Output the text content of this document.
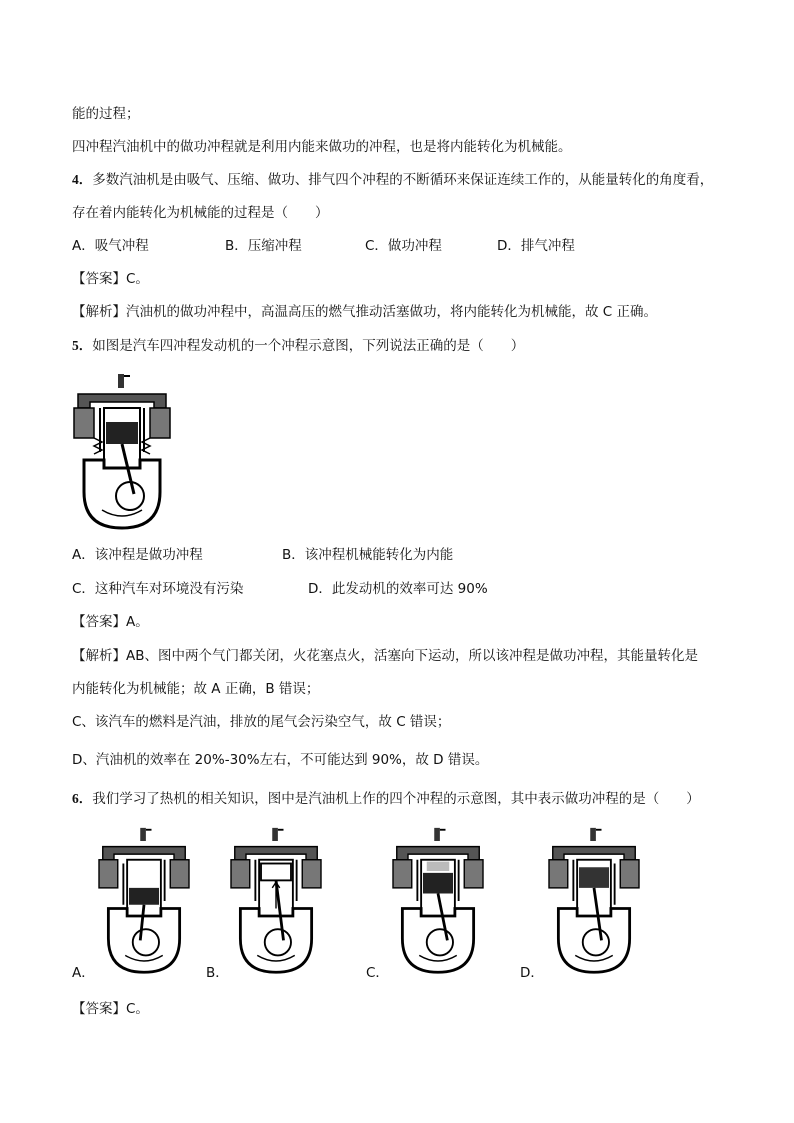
能的过程；
四冲程汽油机中的做功冲程就是利用内能来做功的冲程，也是将内能转化为机械能。
4．多数汽油机是由吸气、压缩、做功、排气四个冲程的不断循环来保证连续工作的，从能量转化的角度看，
存在着内能转化为机械能的过程是（　　）
A．吸气冲程	B．压缩冲程	C．做功冲程	D．排气冲程
【答案】C。
【解析】汽油机的做功冲程中，高温高压的燃气推动活塞做功，将内能转化为机械能，故 C 正确。
5．如图是汽车四冲程发动机的一个冲程示意图，下列说法正确的是（　　）
A．该冲程是做功冲程	B．该冲程机械能转化为内能
C．这种汽车对环境没有污染	D．此发动机的效率可达 90%
【答案】A。
【解析】AB、图中两个气门都关闭，火花塞点火，活塞向下运动，所以该冲程是做功冲程，其能量转化是
内能转化为机械能；故 A 正确，B 错误；
C、该汽车的燃料是汽油，排放的尾气会污染空气，故 C 错误；
D、汽油机的效率在 20%-30%左右，不可能达到 90%，故 D 错误。
6．我们学习了热机的相关知识，图中是汽油机上作的四个冲程的示意图，其中表示做功冲程的是（　　）
A．	B．	C．	D．
【答案】C。
